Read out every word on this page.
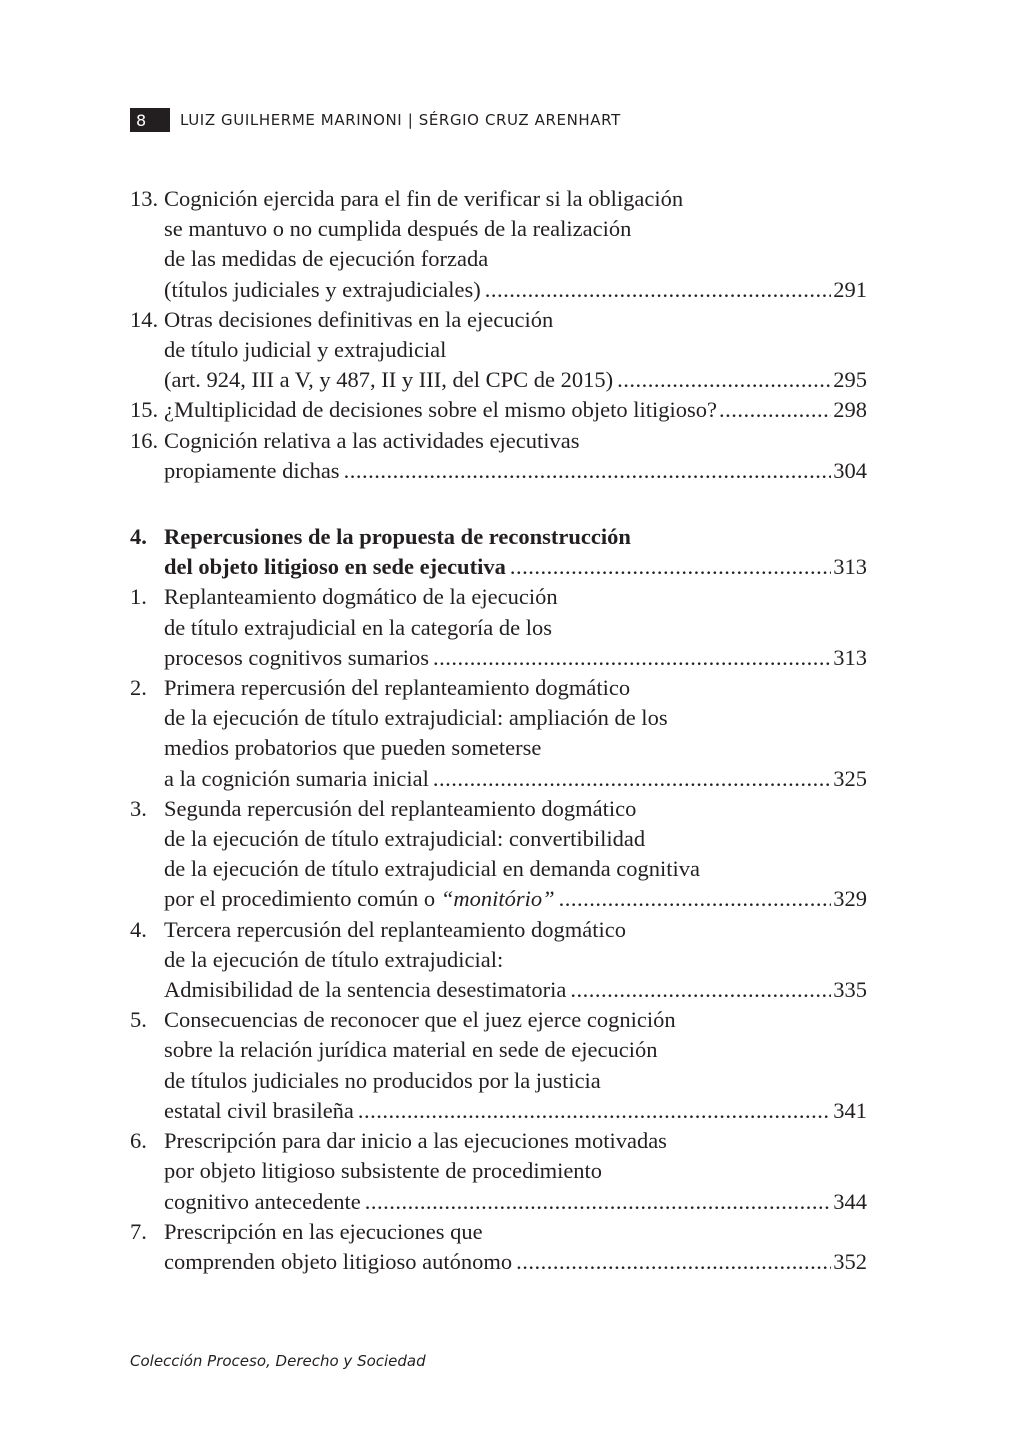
8	LUIZ GUILHERME MARINONI | SÉRGIO CRUZ ARENHART
13. Cognición ejercida para el fin de verificar si la obligación
se mantuvo o no cumplida después de la realización
de las medidas de ejecución forzada
(títulos judiciales y extrajudiciales) .....	291
14. Otras decisiones definitivas en la ejecución
de título judicial y extrajudicial
(art. 924, III a V, y 487, II y III, del CPC de 2015) .....	295
15. ¿Multiplicidad de decisiones sobre el mismo objeto litigioso? .....	298
16. Cognición relativa a las actividades ejecutivas
propiamente dichas .....	304
4. Repercusiones de la propuesta de reconstrucción
del objeto litigioso en sede ejecutiva .....	313
1. Replanteamiento dogmático de la ejecución
de título extrajudicial en la categoría de los
procesos cognitivos sumarios .....	313
2. Primera repercusión del replanteamiento dogmático
de la ejecución de título extrajudicial: ampliación de los
medios probatorios que pueden someterse
a la cognición sumaria inicial .....	325
3. Segunda repercusión del replanteamiento dogmático
de la ejecución de título extrajudicial: convertibilidad
de la ejecución de título extrajudicial en demanda cognitiva
por el procedimiento común o “monitório” .....	329
4. Tercera repercusión del replanteamiento dogmático
de la ejecución de título extrajudicial:
Admisibilidad de la sentencia desestimatoria .....	335
5. Consecuencias de reconocer que el juez ejerce cognición
sobre la relación jurídica material en sede de ejecución
de títulos judiciales no producidos por la justicia
estatal civil brasileña .....	341
6. Prescripción para dar inicio a las ejecuciones motivadas
por objeto litigioso subsistente de procedimiento
cognitivo antecedente .....	344
7. Prescripción en las ejecuciones que
comprenden objeto litigioso autónomo .....	352
Colección Proceso, Derecho y Sociedad
